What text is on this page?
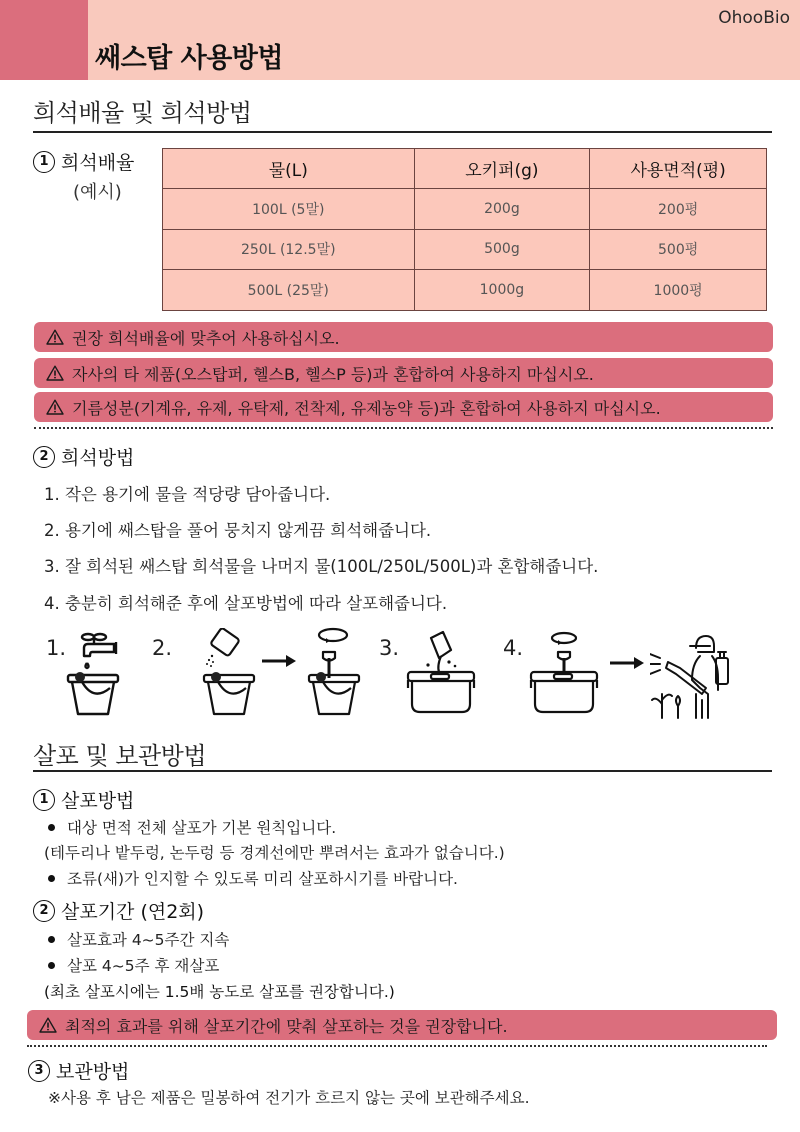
OhooBio
쌔스탑 사용방법
희석배율 및 희석방법
1 희석배율
(예시)
물(L)	오키퍼(g)	사용면적(평)
100L (5말)	200g	200평
250L (12.5말)	500g	500평
500L (25말)	1000g	1000평
권장 희석배율에 맞추어 사용하십시오.
자사의 타 제품(오스탑퍼, 헬스B, 헬스P 등)과 혼합하여 사용하지 마십시오.
기름성분(기계유, 유제, 유탁제, 전착제, 유제농약 등)과 혼합하여 사용하지 마십시오.
2 희석방법
1. 작은 용기에 물을 적당량 담아줍니다.
2. 용기에 쌔스탑을 풀어 뭉치지 않게끔 희석해줍니다.
3. 잘 희석된 쌔스탑 희석물을 나머지 물(100L/250L/500L)과 혼합해줍니다.
4. 충분히 희석해준 후에 살포방법에 따라 살포해줍니다.
1.	2.	3.	4.
살포 및 보관방법
1 살포방법
대상 면적 전체 살포가 기본 원칙입니다.
(테두리나 밭두렁, 논두렁 등 경계선에만 뿌려서는 효과가 없습니다.)
조류(새)가 인지할 수 있도록 미리 살포하시기를 바랍니다.
2 살포기간 (연2회)
살포효과 4~5주간 지속
살포 4~5주 후 재살포
(최초 살포시에는 1.5배 농도로 살포를 권장합니다.)
최적의 효과를 위해 살포기간에 맞춰 살포하는 것을 권장합니다.
3 보관방법
※사용 후 남은 제품은 밀봉하여 전기가 흐르지 않는 곳에 보관해주세요.
